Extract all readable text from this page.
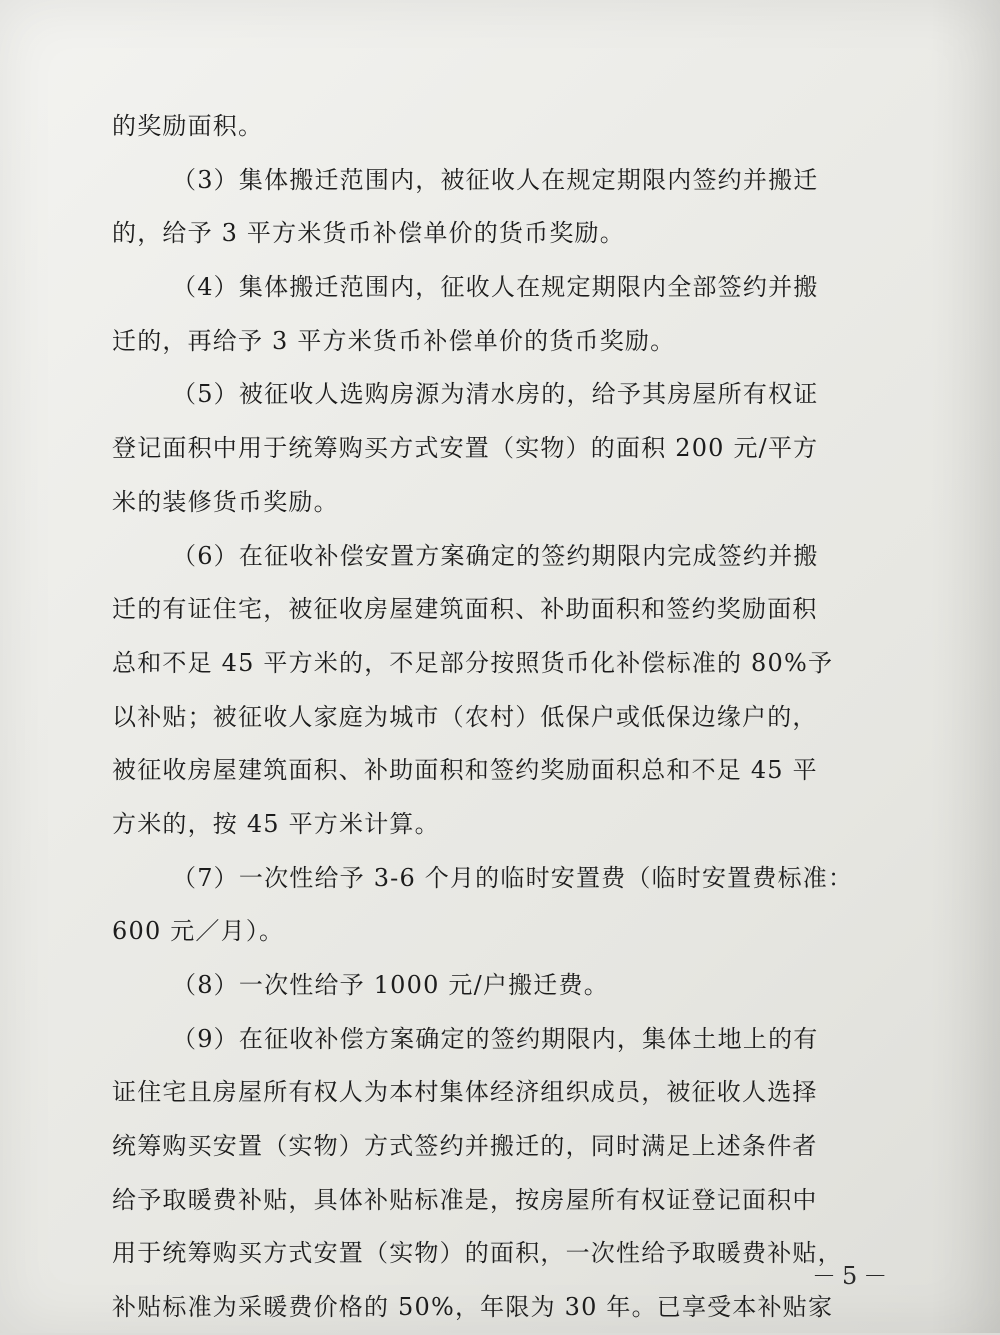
的奖励面积。
（3）集体搬迁范围内，被征收人在规定期限内签约并搬迁
的，给予 3 平方米货币补偿单价的货币奖励。
（4）集体搬迁范围内，征收人在规定期限内全部签约并搬
迁的，再给予 3 平方米货币补偿单价的货币奖励。
（5）被征收人选购房源为清水房的，给予其房屋所有权证
登记面积中用于统筹购买方式安置（实物）的面积 200 元/平方
米的装修货币奖励。
（6）在征收补偿安置方案确定的签约期限内完成签约并搬
迁的有证住宅，被征收房屋建筑面积、补助面积和签约奖励面积
总和不足 45 平方米的，不足部分按照货币化补偿标准的 80%予
以补贴；被征收人家庭为城市（农村）低保户或低保边缘户的，
被征收房屋建筑面积、补助面积和签约奖励面积总和不足 45 平
方米的，按 45 平方米计算。
（7）一次性给予 3-6 个月的临时安置费（临时安置费标准：
600 元／月）。
（8）一次性给予 1000 元/户搬迁费。
（9）在征收补偿方案确定的签约期限内，集体土地上的有
证住宅且房屋所有权人为本村集体经济组织成员，被征收人选择
统筹购买安置（实物）方式签约并搬迁的，同时满足上述条件者
给予取暖费补贴，具体补贴标准是，按房屋所有权证登记面积中
用于统筹购买方式安置（实物）的面积，一次性给予取暖费补贴，
补贴标准为采暖费价格的 50%，年限为 30 年。已享受本补贴家
－5－
